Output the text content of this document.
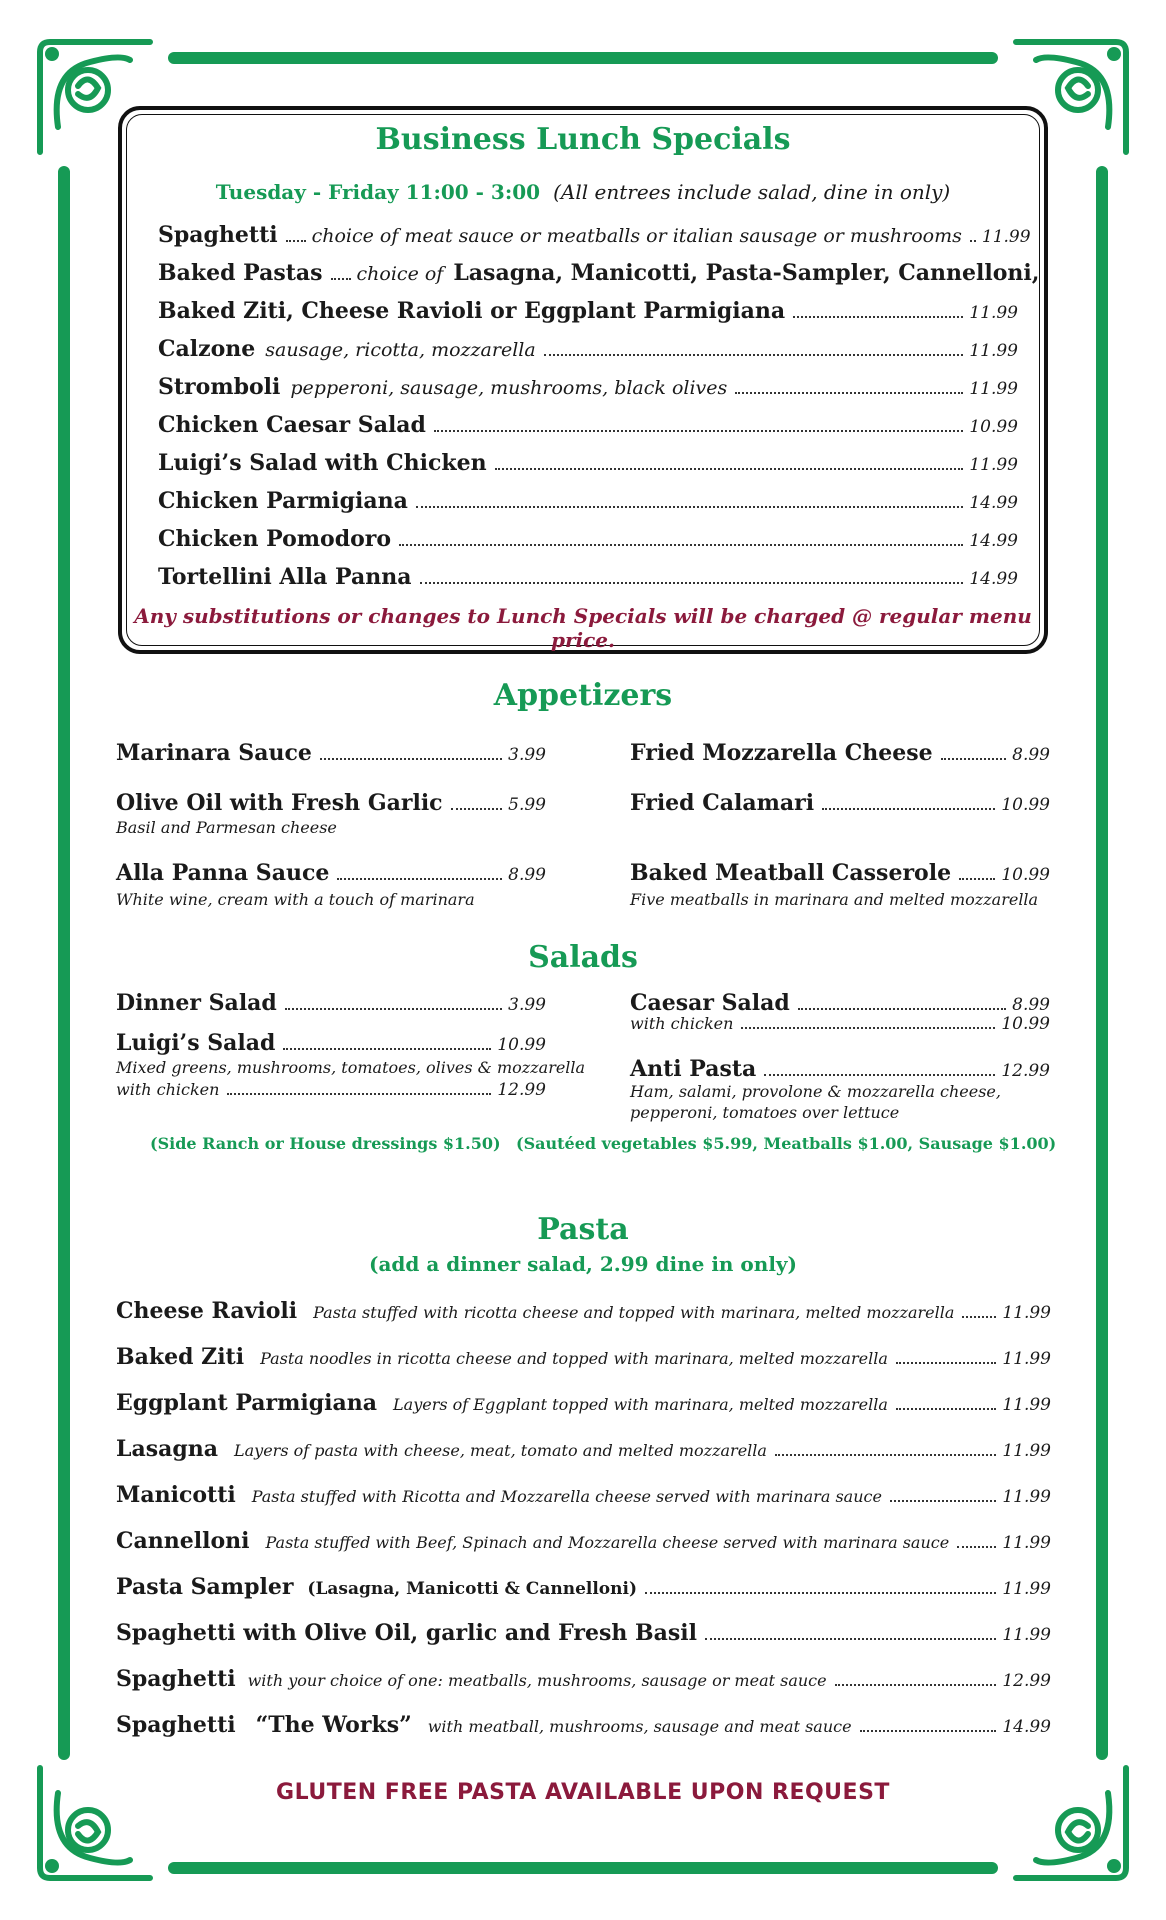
Business Lunch Specials
Tuesday - Friday 11:00 - 3:00 (All entrees include salad, dine in only)
Spaghetti choice of meat sauce or meatballs or italian sausage or mushrooms 11.99
Baked Pastas choice of Lasagna, Manicotti, Pasta-Sampler, Cannelloni,
Baked Ziti, Cheese Ravioli or Eggplant Parmigiana	11.99
Calzone sausage, ricotta, mozzarella	11.99
Stromboli pepperoni, sausage, mushrooms, black olives	11.99
Chicken Caesar Salad	10.99
Luigi’s Salad with Chicken	11.99
Chicken Parmigiana	14.99
Chicken Pomodoro	14.99
Tortellini Alla Panna	14.99
Any substitutions or changes to Lunch Specials will be charged @ regular menu price.
Appetizers
Marinara Sauce	3.99
Olive Oil with Fresh Garlic	5.99
Basil and Parmesan cheese
Alla Panna Sauce	8.99
White wine, cream with a touch of marinara
Fried Mozzarella Cheese	8.99
Fried Calamari	10.99
Baked Meatball Casserole	10.99
Five meatballs in marinara and melted mozzarella
Salads
Dinner Salad	3.99
Luigi’s Salad	10.99
Mixed greens, mushrooms, tomatoes, olives & mozzarella
with chicken	12.99
Caesar Salad	8.99
with chicken	10.99
Anti Pasta	12.99
Ham, salami, provolone & mozzarella cheese,
pepperoni, tomatoes over lettuce
(Side Ranch or House dressings $1.50) (Sautéed vegetables $5.99, Meatballs $1.00, Sausage $1.00)
Pasta
(add a dinner salad, 2.99 dine in only)
Cheese Ravioli Pasta stuffed with ricotta cheese and topped with marinara, melted mozzarella	11.99
Baked Ziti Pasta noodles in ricotta cheese and topped with marinara, melted mozzarella	11.99
Eggplant Parmigiana Layers of Eggplant topped with marinara, melted mozzarella	11.99
Lasagna Layers of pasta with cheese, meat, tomato and melted mozzarella	11.99
Manicotti Pasta stuffed with Ricotta and Mozzarella cheese served with marinara sauce	11.99
Cannelloni Pasta stuffed with Beef, Spinach and Mozzarella cheese served with marinara sauce	11.99
Pasta Sampler (Lasagna, Manicotti & Cannelloni)	11.99
Spaghetti with Olive Oil, garlic and Fresh Basil	11.99
Spaghetti with your choice of one: meatballs, mushrooms, sausage or meat sauce	12.99
Spaghetti “The Works” with meatball, mushrooms, sausage and meat sauce	14.99
GLUTEN FREE PASTA AVAILABLE UPON REQUEST
